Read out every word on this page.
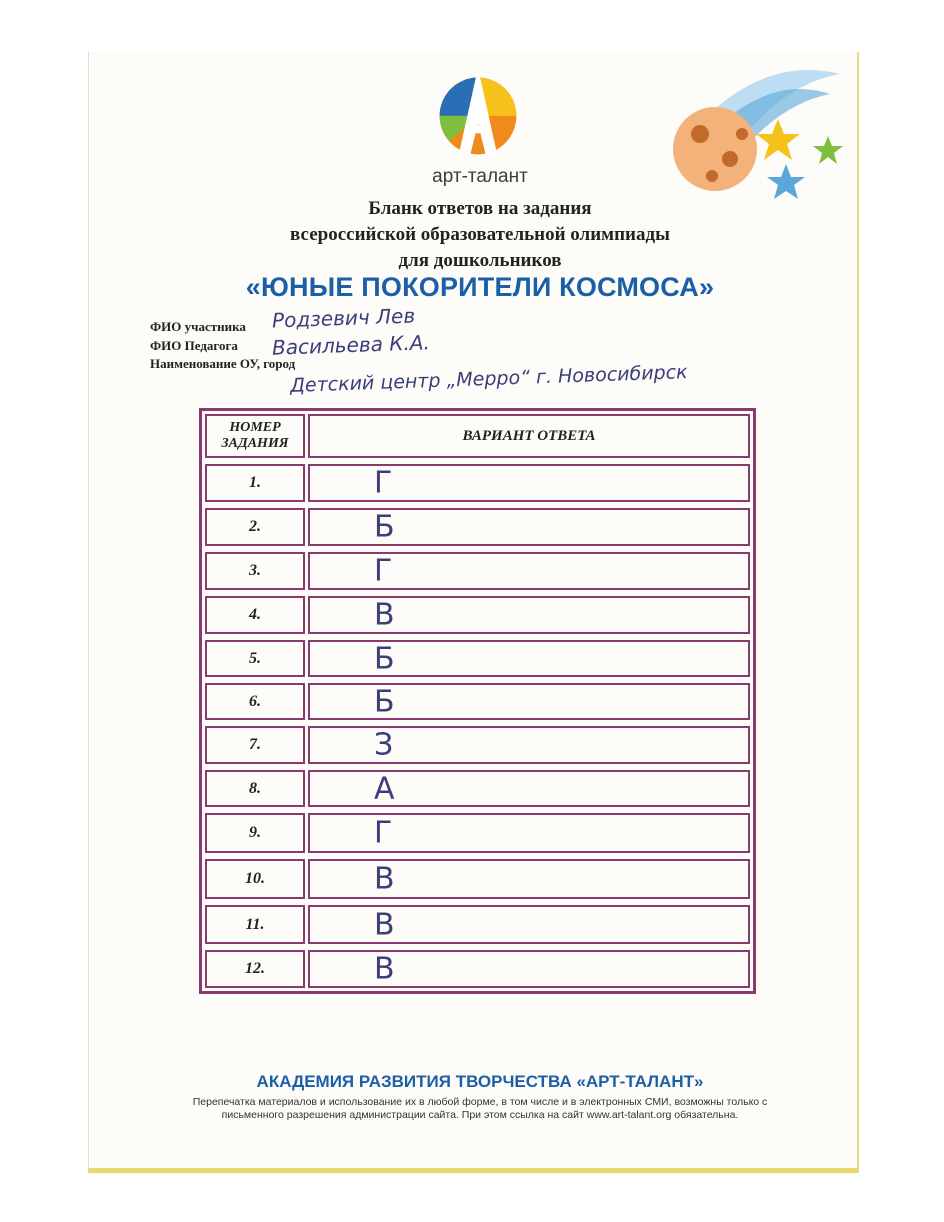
арт-талант
Бланк ответов на задания
всероссийской образовательной олимпиады
для дошкольников
«ЮНЫЕ ПОКОРИТЕЛИ КОСМОСА»
ФИО участника Родзевич Лев
ФИО Педагога Васильева К.А.
Наименование ОУ, город
Детский центр „Мерро“ г. Новосибирск
НОМЕР
ЗАДАНИЯ	ВАРИАНТ ОТВЕТА
1.	Г
2.	Б
3.	Г
4.	В
5.	Б
6.	Б
7.	З
8.	А
9.	Г
10.	В
11.	В
12.	В
АКАДЕМИЯ РАЗВИТИЯ ТВОРЧЕСТВА «АРТ-ТАЛАНТ»
Перепечатка материалов и использование их в любой форме, в том числе и в электронных СМИ, возможны только с
письменного разрешения администрации сайта. При этом ссылка на сайт www.art-talant.org обязательна.
